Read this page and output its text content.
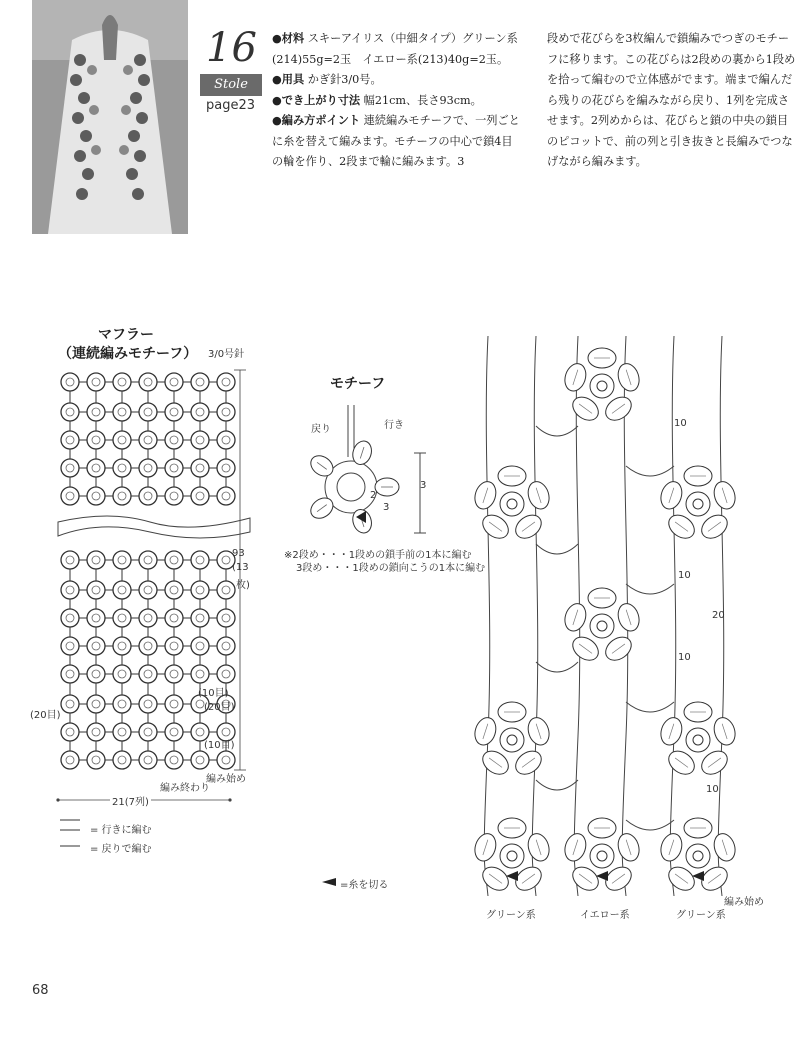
16
Stole
page23

●材料 スキーアイリス（中細タイプ）グリーン系(214)55g=2玉　イエロー系(213)40g=2玉。

●用具 かぎ針3/0号。

●でき上がり寸法 幅21cm、長さ93cm。

●編み方ポイント 連続編みモチーフで、一列ごとに糸を替えて編みます。モチーフの中心で鎖4目の輪を作り、2段まで輪に編みます。3

段めで花びらを3枚編んで鎖編みでつぎのモチーフに移ります。この花びらは2段めの裏から1段めを拾って編むので立体感がでます。端まで編んだら残りの花びらを編みながら戻り、1列を完成させます。2列めからは、花びらと鎖の中央の鎖目のピコットで、前の列と引き抜きと長編みでつなげながら編みます。

マフラー
（連続編みモチーフ） 3/0号針
93
(13
枚)
21(7列)
(10目)
(20目)
(20目)
(10目)
編み始め
編み終わり
= 行きに編む
= 戻りで編む
=糸を切る
モチーフ
戻り	行き
3
2
3
※2段め・・・1段めの鎖手前の1本に編む
3段め・・・1段めの鎖向こうの1本に編む
グリーン系	イエロー系	グリーン系
編み始め
10
10
20
10
10
68
